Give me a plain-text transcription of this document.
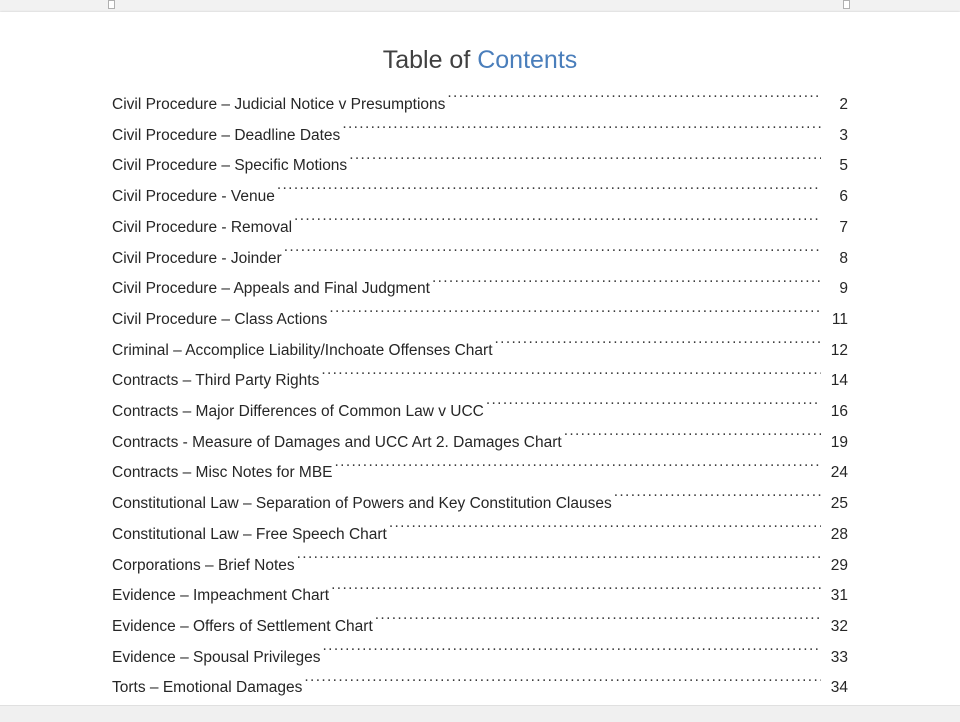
Table of Contents
Civil Procedure – Judicial Notice v Presumptions .....	2
Civil Procedure – Deadline Dates .....	3
Civil Procedure – Specific Motions .....	5
Civil Procedure - Venue .....	6
Civil Procedure - Removal .....	7
Civil Procedure - Joinder .....	8
Civil Procedure – Appeals and Final Judgment .....	9
Civil Procedure – Class Actions .....	11
Criminal – Accomplice Liability/Inchoate Offenses Chart .....	12
Contracts – Third Party Rights .....	14
Contracts – Major Differences of Common Law v UCC .....	16
Contracts - Measure of Damages and UCC Art 2. Damages Chart .....	19
Contracts – Misc Notes for MBE .....	24
Constitutional Law – Separation of Powers and Key Constitution Clauses .....	25
Constitutional Law – Free Speech Chart .....	28
Corporations – Brief Notes .....	29
Evidence – Impeachment Chart .....	31
Evidence – Offers of Settlement Chart .....	32
Evidence – Spousal Privileges .....	33
Torts – Emotional Damages .....	34
